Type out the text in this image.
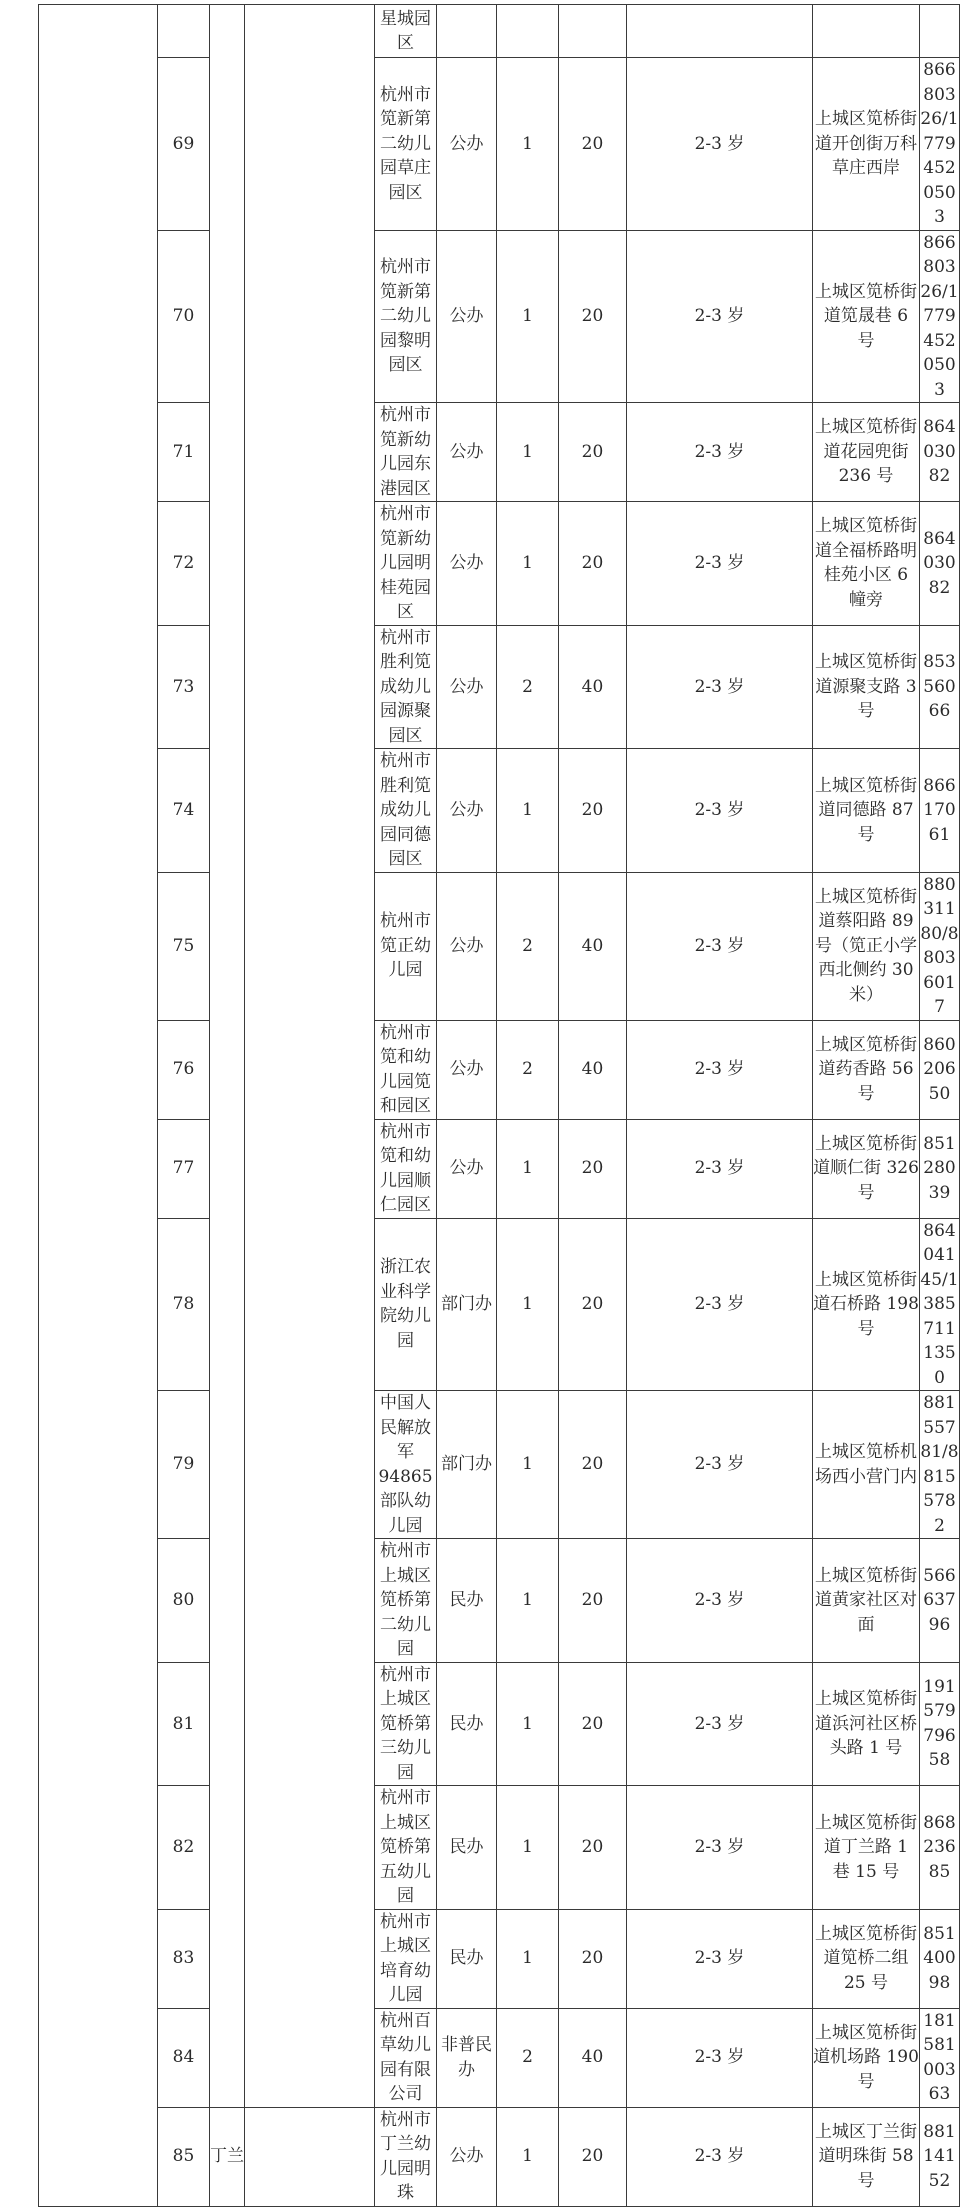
				星城园区						
	69			杭州市笕新第二幼儿园草庄园区	公办	1	20	2-3 岁	上城区笕桥街道开创街万科草庄西岸	86680326/17794520503
	70			杭州市笕新第二幼儿园黎明园区	公办	1	20	2-3 岁	上城区笕桥街道笕晟巷 6 号	86680326/17794520503
	71			杭州市笕新幼儿园东港园区	公办	1	20	2-3 岁	上城区笕桥街道花园兜街 236 号	86403082
	72			杭州市笕新幼儿园明桂苑园区	公办	1	20	2-3 岁	上城区笕桥街道全福桥路明桂苑小区 6 幢旁	86403082
	73			杭州市胜利笕成幼儿园源聚园区	公办	2	40	2-3 岁	上城区笕桥街道源聚支路 3 号	85356066
	74			杭州市胜利笕成幼儿园同德园区	公办	1	20	2-3 岁	上城区笕桥街道同德路 87 号	86617061
	75			杭州市笕正幼儿园	公办	2	40	2-3 岁	上城区笕桥街道蔡阳路 89 号（笕正小学西北侧约 30 米）	88031180/88036017
	76			杭州市笕和幼儿园笕和园区	公办	2	40	2-3 岁	上城区笕桥街道药香路 56 号	86020650
	77			杭州市笕和幼儿园顺仁园区	公办	1	20	2-3 岁	上城区笕桥街道顺仁街 326 号	85128039
	78			浙江农业科学院幼儿园	部门办	1	20	2-3 岁	上城区笕桥街道石桥路 198 号	86404145/13857111350
	79			中国人民解放军94865部队幼儿园	部门办	1	20	2-3 岁	上城区笕桥机场西小营门内	88155781/88155782
	80			杭州市上城区笕桥第二幼儿园	民办	1	20	2-3 岁	上城区笕桥街道黄家社区对面	56663796
	81			杭州市上城区笕桥第三幼儿园	民办	1	20	2-3 岁	上城区笕桥街道浜河社区桥头路 1 号	19157979658
	82			杭州市上城区笕桥第五幼儿园	民办	1	20	2-3 岁	上城区笕桥街道丁兰路 1 巷 15 号	86823685
	83			杭州市上城区培育幼儿园	民办	1	20	2-3 岁	上城区笕桥街道笕桥二组 25 号	85140098
	84			杭州百草幼儿园有限公司	非普民办	2	40	2-3 岁	上城区笕桥街道机场路 190 号	18158100363
	85	丁兰		杭州市丁兰幼儿园明珠	公办	1	20	2-3 岁	上城区丁兰街道明珠街 58 号	88114152
